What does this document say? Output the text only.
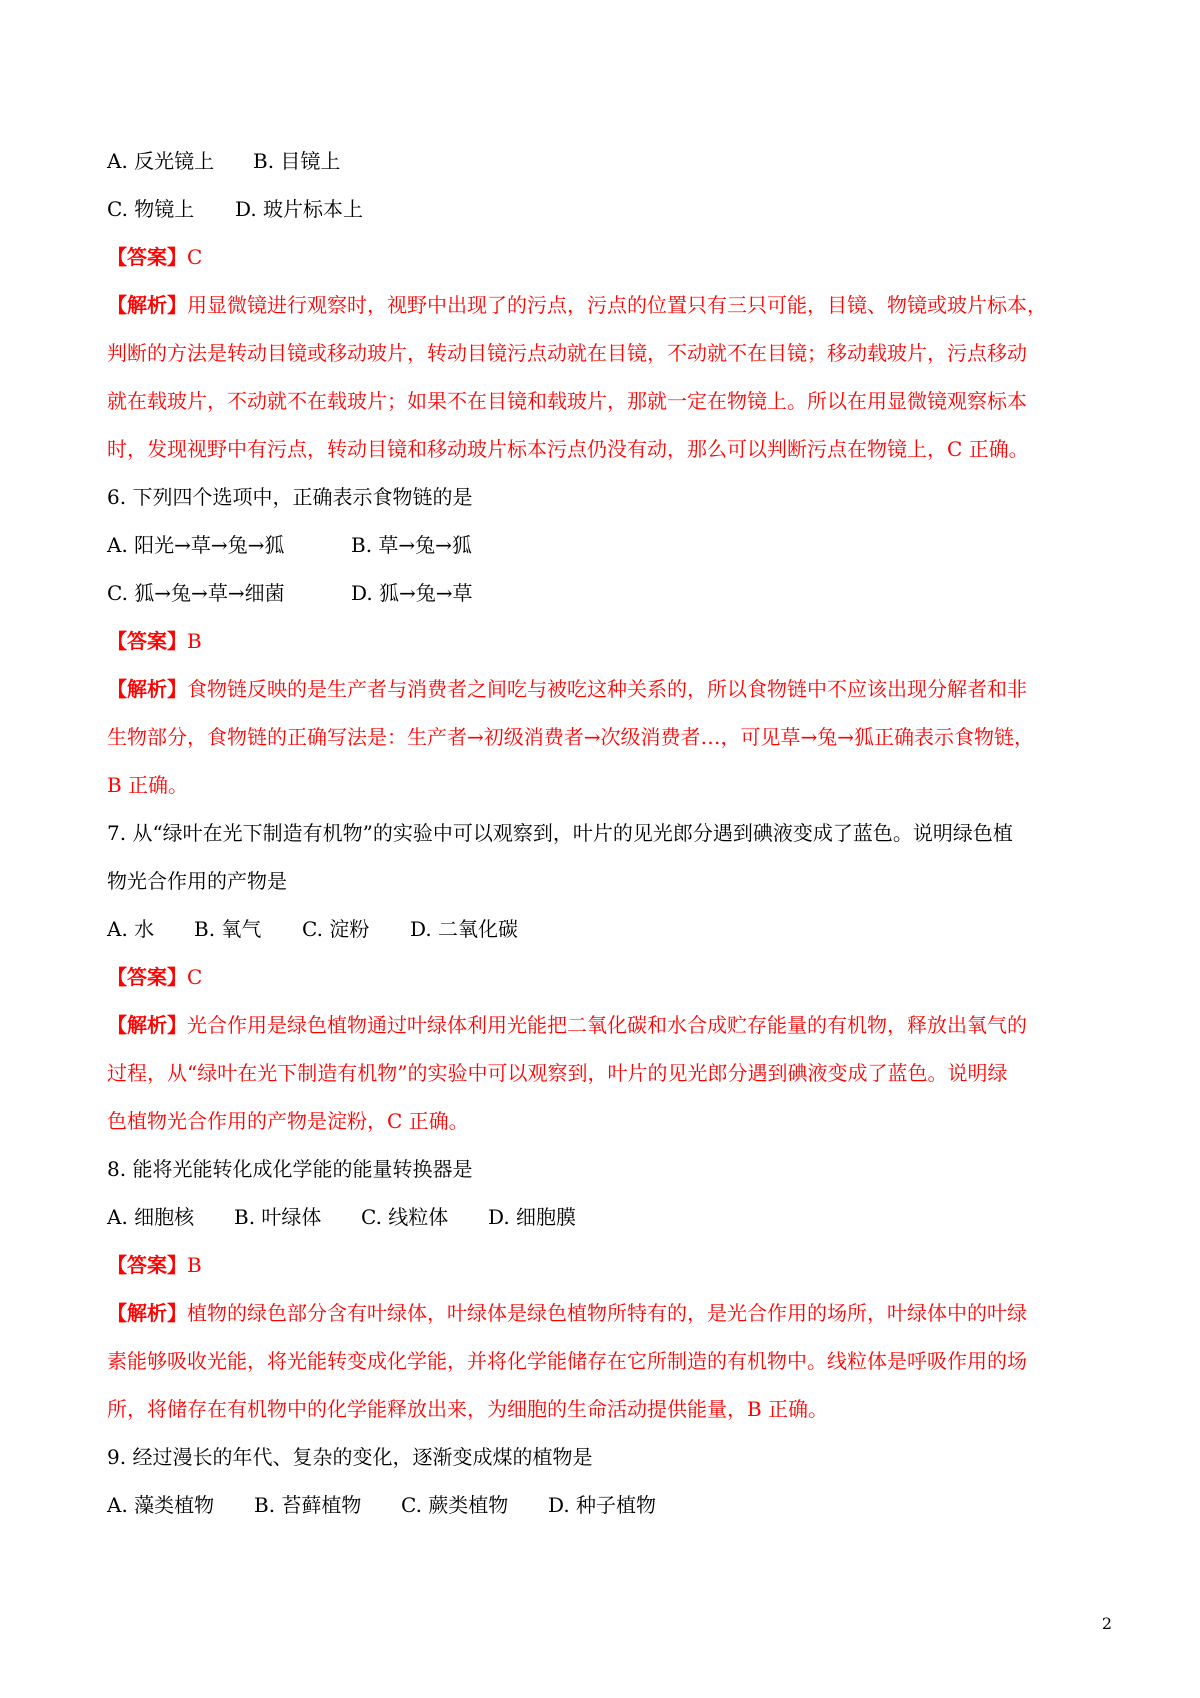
A. 反光镜上 B. 目镜上
C. 物镜上 D. 玻片标本上
【答案】C
【解析】用显微镜进行观察时，视野中出现了的污点，污点的位置只有三只可能，目镜、物镜或玻片标本，
判断的方法是转动目镜或移动玻片，转动目镜污点动就在目镜，不动就不在目镜；移动载玻片，污点移动
就在载玻片，不动就不在载玻片；如果不在目镜和载玻片，那就一定在物镜上。所以在用显微镜观察标本
时，发现视野中有污点，转动目镜和移动玻片标本污点仍没有动，那么可以判断污点在物镜上，C 正确。
6. 下列四个选项中，正确表示食物链的是
A. 阳光→草→兔→狐	B. 草→兔→狐
C. 狐→兔→草→细菌	D. 狐→兔→草
【答案】B
【解析】食物链反映的是生产者与消费者之间吃与被吃这种关系的，所以食物链中不应该出现分解者和非
生物部分，食物链的正确写法是：生产者→初级消费者→次级消费者…，可见草→兔→狐正确表示食物链，
B 正确。
7. 从“绿叶在光下制造有机物”的实验中可以观察到，叶片的见光郎分遇到碘液变成了蓝色。说明绿色植
物光合作用的产物是
A. 水 B. 氧气 C. 淀粉 D. 二氧化碳
【答案】C
【解析】光合作用是绿色植物通过叶绿体利用光能把二氧化碳和水合成贮存能量的有机物，释放出氧气的
过程，从“绿叶在光下制造有机物”的实验中可以观察到，叶片的见光郎分遇到碘液变成了蓝色。说明绿
色植物光合作用的产物是淀粉，C 正确。
8. 能将光能转化成化学能的能量转换器是
A. 细胞核 B. 叶绿体 C. 线粒体 D. 细胞膜
【答案】B
【解析】植物的绿色部分含有叶绿体，叶绿体是绿色植物所特有的，是光合作用的场所，叶绿体中的叶绿
素能够吸收光能，将光能转变成化学能，并将化学能储存在它所制造的有机物中。线粒体是呼吸作用的场
所，将储存在有机物中的化学能释放出来，为细胞的生命活动提供能量，B 正确。
9. 经过漫长的年代、复杂的变化，逐渐变成煤的植物是
A. 藻类植物 B. 苔藓植物 C. 蕨类植物 D. 种子植物
2
